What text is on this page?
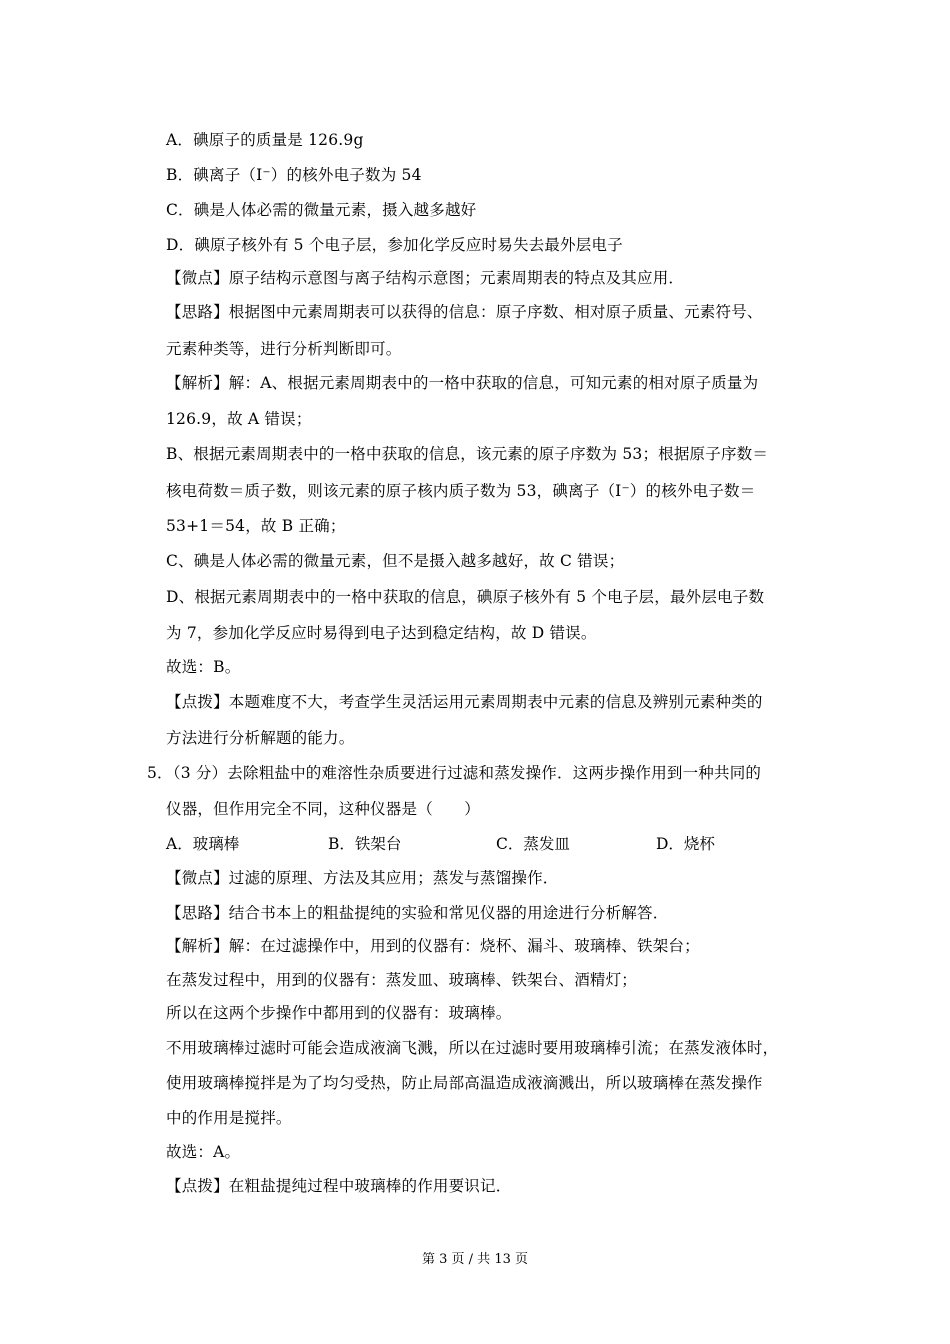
A．碘原子的质量是 126.9g
B．碘离子（I⁻）的核外电子数为 54
C．碘是人体必需的微量元素，摄入越多越好
D．碘原子核外有 5 个电子层，参加化学反应时易失去最外层电子
【微点】原子结构示意图与离子结构示意图；元素周期表的特点及其应用．
【思路】根据图中元素周期表可以获得的信息：原子序数、相对原子质量、元素符号、
元素种类等，进行分析判断即可。
【解析】解：A、根据元素周期表中的一格中获取的信息，可知元素的相对原子质量为
126.9，故 A 错误；
B、根据元素周期表中的一格中获取的信息，该元素的原子序数为 53；根据原子序数＝
核电荷数＝质子数，则该元素的原子核内质子数为 53，碘离子（I⁻）的核外电子数＝
53+1＝54，故 B 正确；
C、碘是人体必需的微量元素，但不是摄入越多越好，故 C 错误；
D、根据元素周期表中的一格中获取的信息，碘原子核外有 5 个电子层，最外层电子数
为 7，参加化学反应时易得到电子达到稳定结构，故 D 错误。
故选：B。
【点拨】本题难度不大，考查学生灵活运用元素周期表中元素的信息及辨别元素种类的
方法进行分析解题的能力。
5．（3 分）去除粗盐中的难溶性杂质要进行过滤和蒸发操作．这两步操作用到一种共同的
仪器，但作用完全不同，这种仪器是（　　）
A．玻璃棒	B．铁架台	C．蒸发皿	D．烧杯
【微点】过滤的原理、方法及其应用；蒸发与蒸馏操作．
【思路】结合书本上的粗盐提纯的实验和常见仪器的用途进行分析解答．
【解析】解：在过滤操作中，用到的仪器有：烧杯、漏斗、玻璃棒、铁架台；
在蒸发过程中，用到的仪器有：蒸发皿、玻璃棒、铁架台、酒精灯；
所以在这两个步操作中都用到的仪器有：玻璃棒。
不用玻璃棒过滤时可能会造成液滴飞溅，所以在过滤时要用玻璃棒引流；在蒸发液体时，
使用玻璃棒搅拌是为了均匀受热，防止局部高温造成液滴溅出，所以玻璃棒在蒸发操作
中的作用是搅拌。
故选：A。
【点拨】在粗盐提纯过程中玻璃棒的作用要识记．
第 3 页 / 共 13 页
